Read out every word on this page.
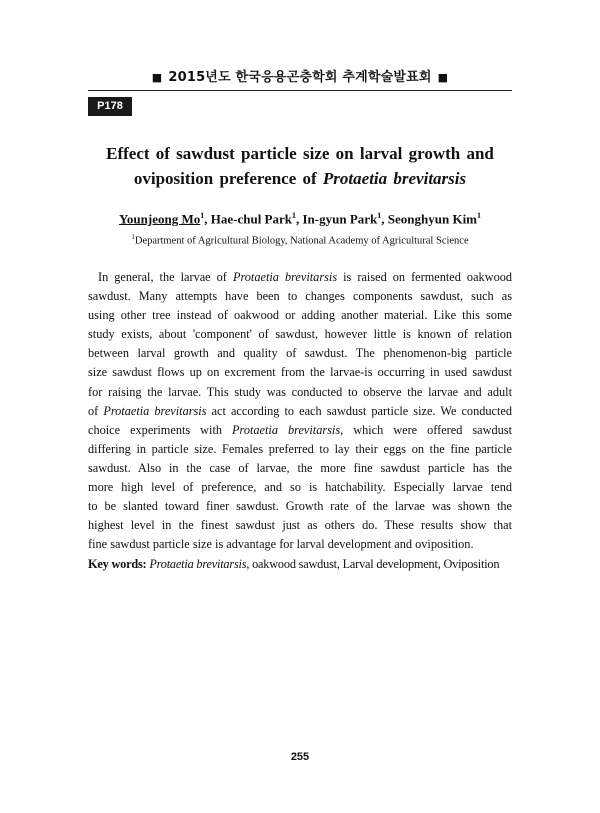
■ 2015년도 한국응용곤충학회 추계학술발표회 ■
P178
Effect of sawdust particle size on larval growth and
oviposition preference of Protaetia brevitarsis
Younjeong Mo$^1$, Hae-chul Park$^1$, In-gyun Park$^1$, Seonghyun Kim$^1$
$^1$Department of Agricultural Biology, National Academy of Agricultural Science
In general, the larvae of Protaetia brevitarsis is raised on fermented oakwood
sawdust. Many attempts have been to changes components sawdust, such as
using other tree instead of oakwood or adding another material. Like this some
study exists, about 'component' of sawdust, however little is known of relation
between larval growth and quality of sawdust. The phenomenon-big particle
size sawdust flows up on excrement from the larvae-is occurring in used sawdust
for raising the larvae. This study was conducted to observe the larvae and adult
of Protaetia brevitarsis act according to each sawdust particle size. We conducted
choice experiments with Protaetia brevitarsis, which were offered sawdust
differing in particle size. Females preferred to lay their eggs on the fine particle
sawdust. Also in the case of larvae, the more fine sawdust particle has the
more high level of preference, and so is hatchability. Especially larvae tend
to be slanted toward finer sawdust. Growth rate of the larvae was shown the
highest level in the finest sawdust just as others do. These results show that
fine sawdust particle size is advantage for larval development and oviposition.
Key words: Protaetia brevitarsis, oakwood sawdust, Larval development, Oviposition
255
